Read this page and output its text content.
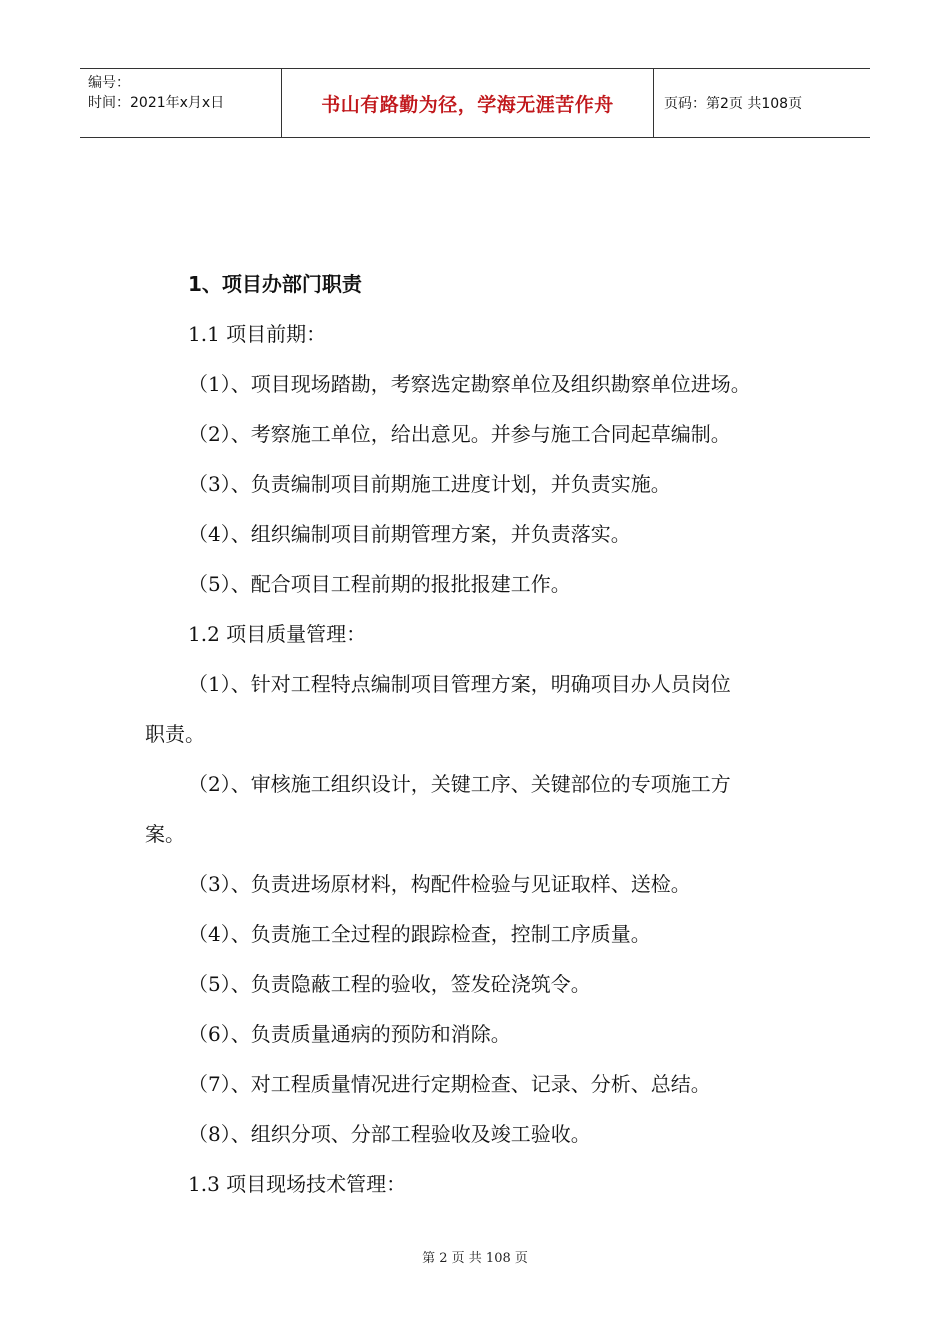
编号：
时间：2021年x月x日	书山有路勤为径，学海无涯苦作舟	页码：第2页 共108页
1、项目办部门职责
1.1 项目前期：
（1）、项目现场踏勘，考察选定勘察单位及组织勘察单位进场。
（2）、考察施工单位，给出意见。并参与施工合同起草编制。
（3）、负责编制项目前期施工进度计划，并负责实施。
（4）、组织编制项目前期管理方案，并负责落实。
（5）、配合项目工程前期的报批报建工作。
1.2 项目质量管理：
（1）、针对工程特点编制项目管理方案，明确项目办人员岗位
职责。
（2）、审核施工组织设计，关键工序、关键部位的专项施工方
案。
（3）、负责进场原材料，构配件检验与见证取样、送检。
（4）、负责施工全过程的跟踪检查，控制工序质量。
（5）、负责隐蔽工程的验收，签发砼浇筑令。
（6）、负责质量通病的预防和消除。
（7）、对工程质量情况进行定期检查、记录、分析、总结。
（8）、组织分项、分部工程验收及竣工验收。
1.3 项目现场技术管理：
第 2 页 共 108 页
